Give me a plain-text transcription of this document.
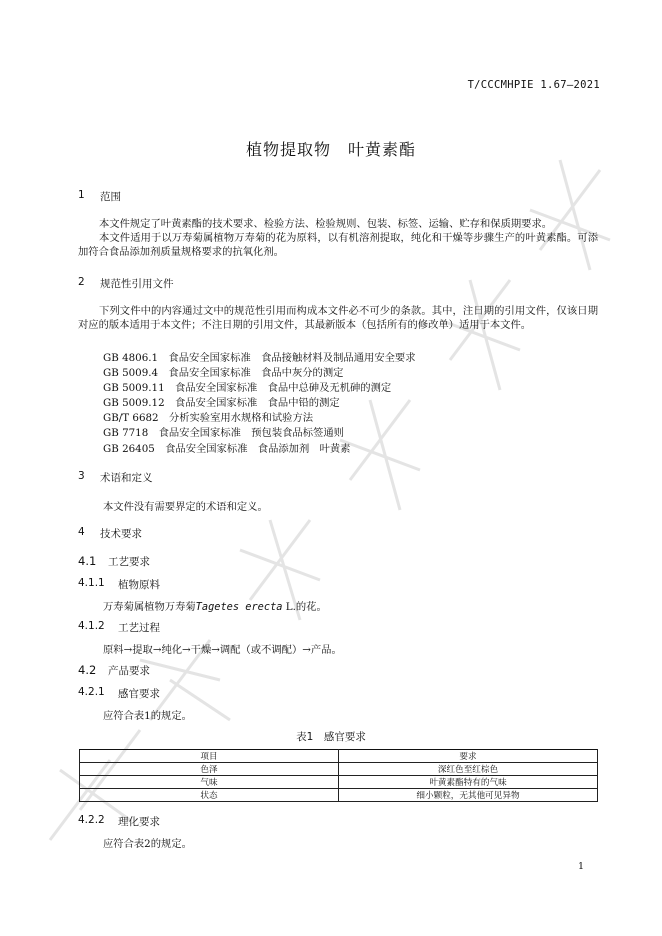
T/CCCMHPIE 1.67—2021
植物提取物　叶黄素酯
1	范围
本文件规定了叶黄素酯的技术要求、检验方法、检验规则、包装、标签、运输、贮存和保质期要求。
本文件适用于以万寿菊属植物万寿菊的花为原料，以有机溶剂提取，纯化和干燥等步骤生产的叶黄素酯。可添加符合食品添加剂质量规格要求的抗氧化剂。
2	规范性引用文件
下列文件中的内容通过文中的规范性引用而构成本文件必不可少的条款。其中，注日期的引用文件，仅该日期对应的版本适用于本文件；不注日期的引用文件，其最新版本（包括所有的修改单）适用于本文件。
GB 4806.1　食品安全国家标准　食品接触材料及制品通用安全要求
GB 5009.4　食品安全国家标准　食品中灰分的测定
GB 5009.11　食品安全国家标准　食品中总砷及无机砷的测定
GB 5009.12　食品安全国家标准　食品中铅的测定
GB/T 6682　分析实验室用水规格和试验方法
GB 7718　食品安全国家标准　预包装食品标签通则
GB 26405　食品安全国家标准　食品添加剂　叶黄素
3	术语和定义
本文件没有需要界定的术语和定义。
4	技术要求
4.1	工艺要求
4.1.1	植物原料
万寿菊属植物万寿菊Tagetes erecta L.的花。
4.1.2	工艺过程
原料→提取→纯化→干燥→调配（或不调配）→产品。
4.2	产品要求
4.2.1	感官要求
应符合表1的规定。
表1　感官要求
项目	要求
色泽	深红色至红棕色
气味	叶黄素酯特有的气味
状态	细小颗粒，无其他可见异物
4.2.2	理化要求
应符合表2的规定。
1
